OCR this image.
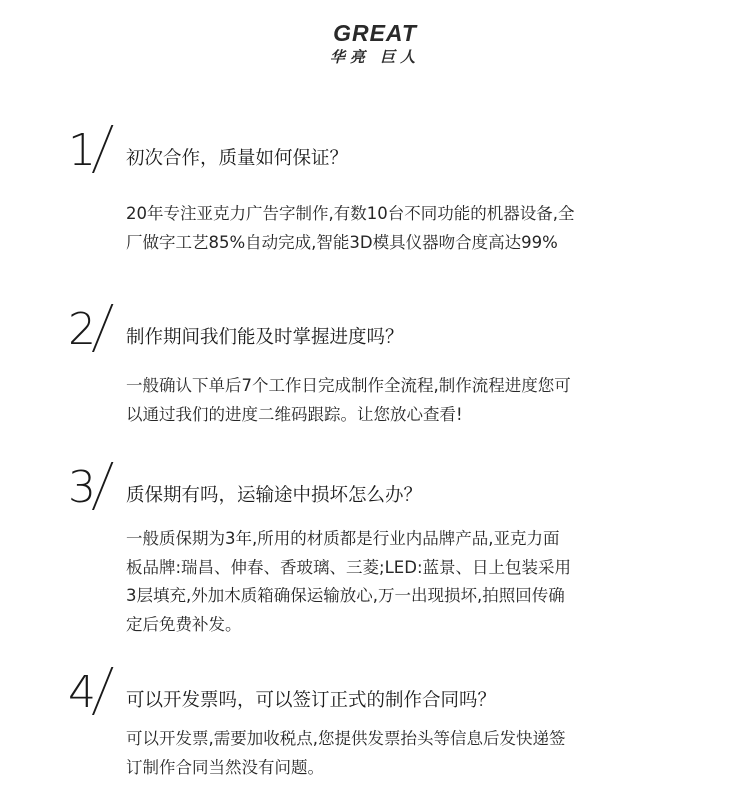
GREAT
华亮 巨人
1 初次合作，质量如何保证？

20年专注亚克力广告字制作,有数10台不同功能的机器设备,全

厂做字工艺85%自动完成,智能3D模具仪器吻合度高达99%

2 制作期间我们能及时掌握进度吗？

一般确认下单后7个工作日完成制作全流程,制作流程进度您可

以通过我们的进度二维码跟踪。让您放心查看!

3 质保期有吗，运输途中损坏怎么办？

一般质保期为3年,所用的材质都是行业内品牌产品,亚克力面

板品牌:瑞昌、伸春、香玻璃、三菱;LED:蓝景、日上包装采用

3层填充,外加木质箱确保运输放心,万一出现损坏,拍照回传确

定后免费补发。

4 可以开发票吗，可以签订正式的制作合同吗？

可以开发票,需要加收税点,您提供发票抬头等信息后发快递签

订制作合同当然没有问题。
